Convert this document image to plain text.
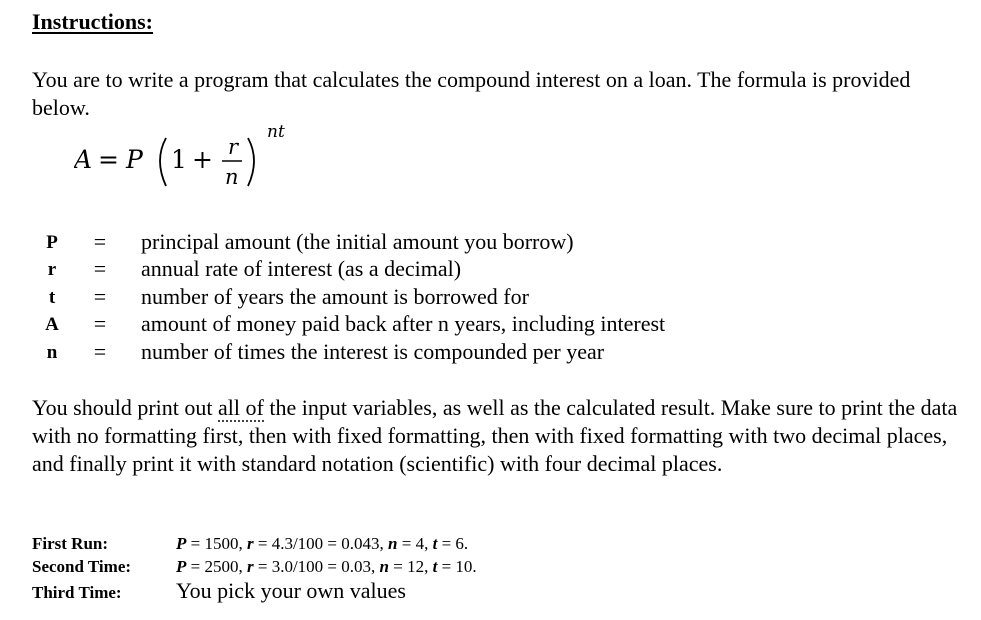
Instructions:
You are to write a program that calculates the compound interest on a loan. The formula is provided below.
A = P 1 + r
n
nt
P	= principal amount (the initial amount you borrow)
r	= annual rate of interest (as a decimal)
t	= number of years the amount is borrowed for
A	= amount of money paid back after n years, including interest
n	= number of times the interest is compounded per year
You should print out all of the input variables, as well as the calculated result. Make sure to print the data with no formatting first, then with fixed formatting, then with fixed formatting with two decimal places, and finally print it with standard notation (scientific) with four decimal places.
First Run:	P = 1500, r = 4.3/100 = 0.043, n = 4, t = 6.
Second Time:	P = 2500, r = 3.0/100 = 0.03, n = 12, t = 10.
Third Time: You pick your own values
